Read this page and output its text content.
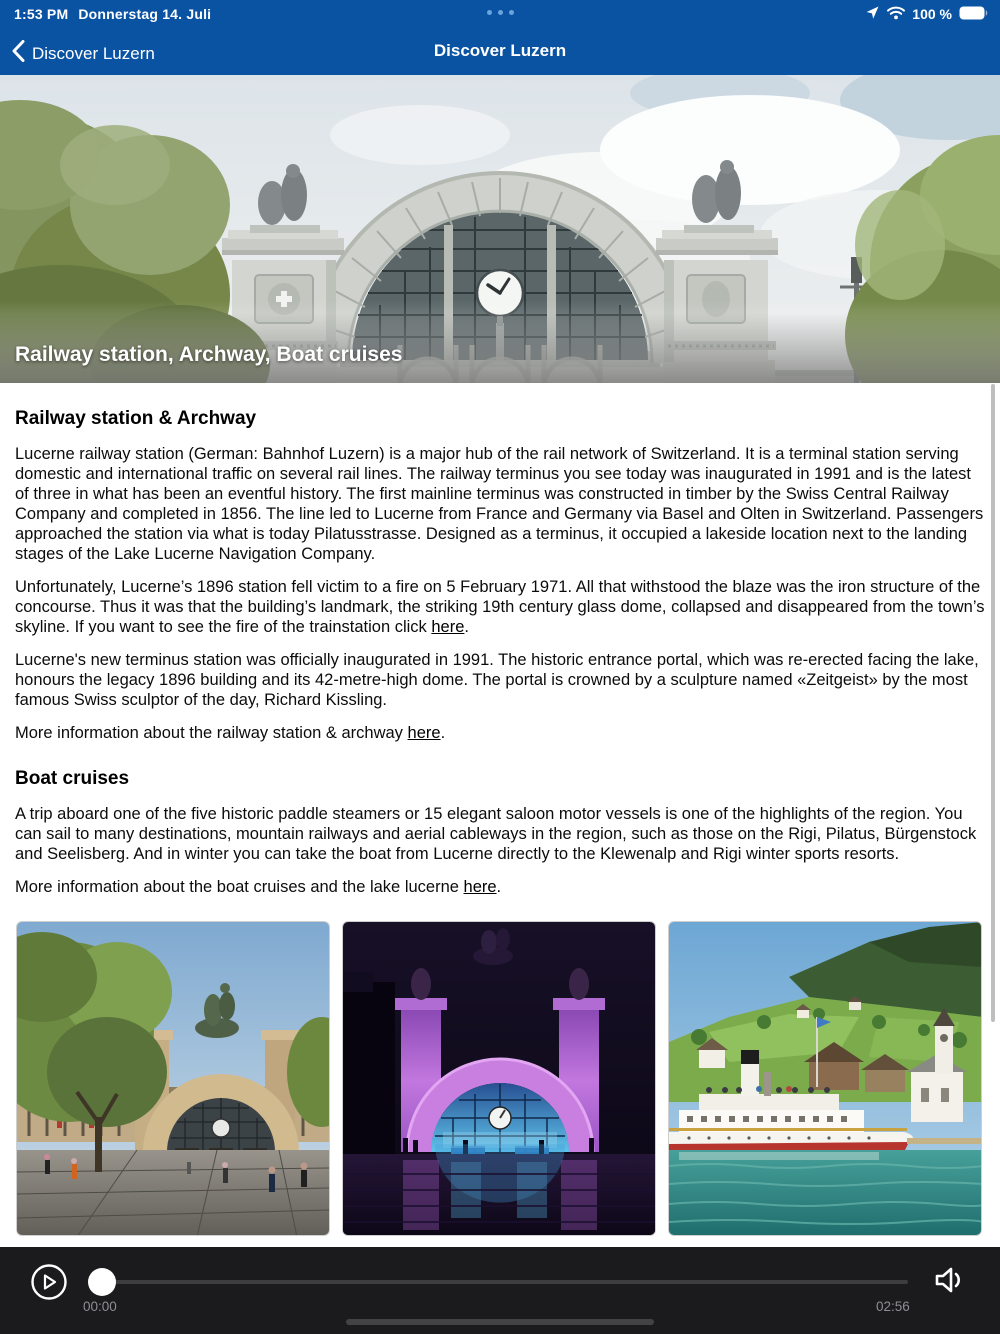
1:53 PM Donnerstag 14. Juli	100 %
Discover Luzern	Discover Luzern
Railway station, Archway, Boat cruises
Railway station & Archway

Lucerne railway station (German: Bahnhof Luzern) is a major hub of the rail network of Switzerland. It is a terminal station serving domestic and international traffic on several rail lines. The railway terminus you see today was inaugurated in 1991 and is the latest of three in what has been an eventful history. The first mainline terminus was constructed in timber by the Swiss Central Railway Company and completed in 1856. The line led to Lucerne from France and Germany via Basel and Olten in Switzerland. Passengers approached the station via what is today Pilatusstrasse. Designed as a terminus, it occupied a lakeside location next to the landing stages of the Lake Lucerne Navigation Company.

Unfortunately, Lucerne’s 1896 station fell victim to a fire on 5 February 1971. All that withstood the blaze was the iron structure of the concourse. Thus it was that the building’s landmark, the striking 19th century glass dome, collapsed and disappeared from the town’s skyline. If you want to see the fire of the trainstation click here.

Lucerne's new terminus station was officially inaugurated in 1991. The historic entrance portal, which was re-erected facing the lake, honours the legacy 1896 building and its 42-metre-high dome. The portal is crowned by a sculpture named «Zeitgeist» by the most famous Swiss sculptor of the day, Richard Kissling.

More information about the railway station & archway here.

Boat cruises

A trip aboard one of the five historic paddle steamers or 15 elegant saloon motor vessels is one of the highlights of the region. You can sail to many destinations, mountain railways and aerial cableways in the region, such as those on the Rigi, Pilatus, Bürgenstock and Seelisberg. And in winter you can take the boat from Lucerne directly to the Klewenalp and Rigi winter sports resorts.

More information about the boat cruises and the lake lucerne here.

00:00	02:56
